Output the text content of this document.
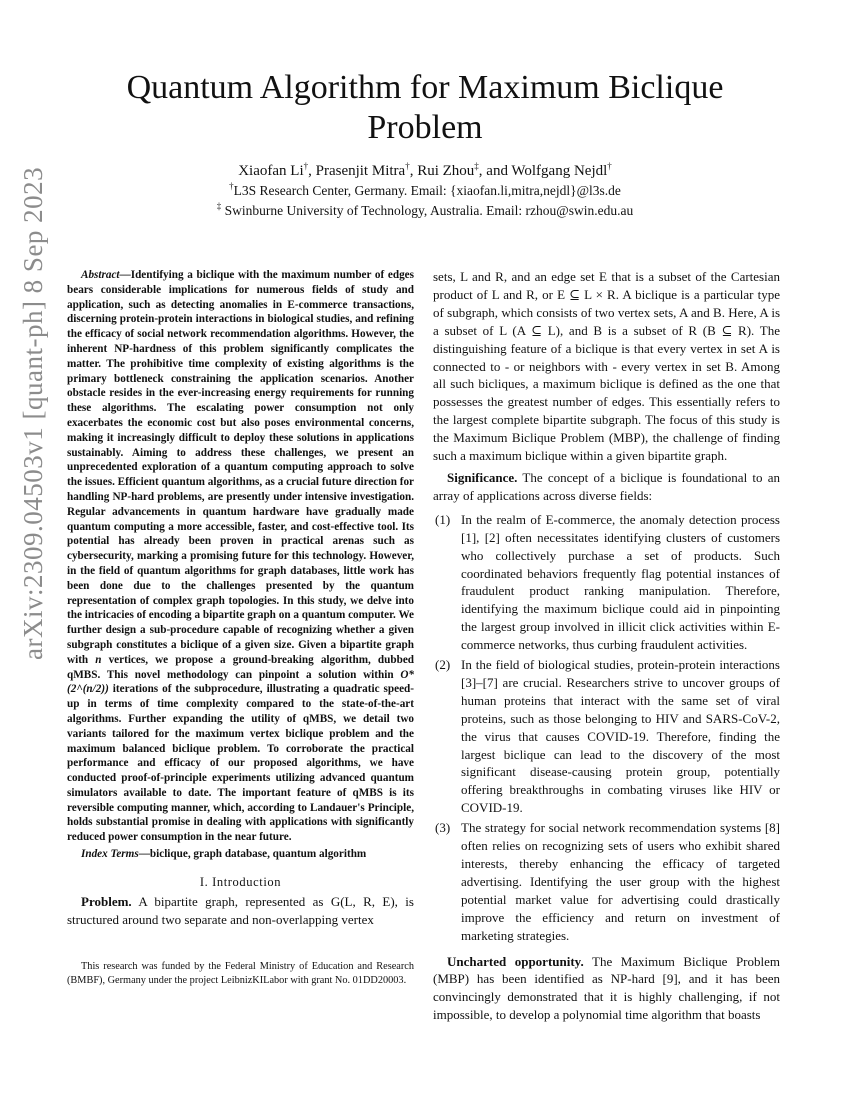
arXiv:2309.04503v1 [quant-ph] 8 Sep 2023
Quantum Algorithm for Maximum Biclique Problem
Xiaofan Li†, Prasenjit Mitra†, Rui Zhou‡, and Wolfgang Nejdl†
†L3S Research Center, Germany. Email: {xiaofan.li,mitra,nejdl}@l3s.de
‡ Swinburne University of Technology, Australia. Email: rzhou@swin.edu.au

Abstract—Identifying a biclique with the maximum number of edges bears considerable implications for numerous fields of study and application, such as detecting anomalies in E-commerce transactions, discerning protein-protein interactions in biological studies, and refining the efficacy of social network recommendation algorithms. However, the inherent NP-hardness of this problem significantly complicates the matter. The prohibitive time complexity of existing algorithms is the primary bottleneck constraining the application scenarios. Another obstacle resides in the ever-increasing energy requirements for running these algorithms. The escalating power consumption not only exacerbates the economic cost but also poses environmental concerns, making it increasingly difficult to deploy these solutions in applications sustainably. Aiming to address these challenges, we present an unprecedented exploration of a quantum computing approach to solve the issues. Efficient quantum algorithms, as a crucial future direction for handling NP-hard problems, are presently under intensive investigation. Regular advancements in quantum hardware have gradually made quantum computing a more accessible, faster, and cost-effective tool. Its potential has already been proven in practical arenas such as cybersecurity, marking a promising future for this technology. However, in the field of quantum algorithms for graph databases, little work has been done due to the challenges presented by the quantum representation of complex graph topologies. In this study, we delve into the intricacies of encoding a bipartite graph on a quantum computer. We further design a sub-procedure capable of recognizing whether a given subgraph constitutes a biclique of a given size. Given a bipartite graph with n vertices, we propose a ground-breaking algorithm, dubbed qMBS. This novel methodology can pinpoint a solution within O*(2^(n/2)) iterations of the subprocedure, illustrating a quadratic speed-up in terms of time complexity compared to the state-of-the-art algorithms. Further expanding the utility of qMBS, we detail two variants tailored for the maximum vertex biclique problem and the maximum balanced biclique problem. To corroborate the practical performance and efficacy of our proposed algorithms, we have conducted proof-of-principle experiments utilizing advanced quantum simulators available to date. The important feature of qMBS is its reversible computing manner, which, according to Landauer's Principle, holds substantial promise in dealing with applications with significantly reduced power consumption in the near future.

Index Terms—biclique, graph database, quantum algorithm

I. Introduction

Problem. A bipartite graph, represented as G(L, R, E), is structured around two separate and non-overlapping vertex

This research was funded by the Federal Ministry of Education and Research (BMBF), Germany under the project LeibnizKILabor with grant No. 01DD20003.

sets, L and R, and an edge set E that is a subset of the Cartesian product of L and R, or E ⊆ L × R. A biclique is a particular type of subgraph, which consists of two vertex sets, A and B. Here, A is a subset of L (A ⊆ L), and B is a subset of R (B ⊆ R). The distinguishing feature of a biclique is that every vertex in set A is connected to - or neighbors with - every vertex in set B. Among all such bicliques, a maximum biclique is defined as the one that possesses the greatest number of edges. This essentially refers to the largest complete bipartite subgraph. The focus of this study is the Maximum Biclique Problem (MBP), the challenge of finding such a maximum biclique within a given bipartite graph.

Significance. The concept of a biclique is foundational to an array of applications across diverse fields:

(1) In the realm of E-commerce, the anomaly detection process [1], [2] often necessitates identifying clusters of customers who collectively purchase a set of products. Such coordinated behaviors frequently flag potential instances of fraudulent product ranking manipulation. Therefore, identifying the maximum biclique could aid in pinpointing the largest group involved in illicit click activities within E-commerce networks, thus curbing fraudulent activities.
(2) In the field of biological studies, protein-protein interactions [3]–[7] are crucial. Researchers strive to uncover groups of human proteins that interact with the same set of viral proteins, such as those belonging to HIV and SARS-CoV-2, the virus that causes COVID-19. Therefore, finding the largest biclique can lead to the discovery of the most significant disease-causing protein group, potentially offering breakthroughs in combating viruses like HIV or COVID-19.
(3) The strategy for social network recommendation systems [8] often relies on recognizing sets of users who exhibit shared interests, thereby enhancing the efficacy of targeted advertising. Identifying the user group with the highest potential market value for advertising could drastically improve the efficiency and return on investment of marketing strategies.

Uncharted opportunity. The Maximum Biclique Problem (MBP) has been identified as NP-hard [9], and it has been convincingly demonstrated that it is highly challenging, if not impossible, to develop a polynomial time algorithm that boasts
